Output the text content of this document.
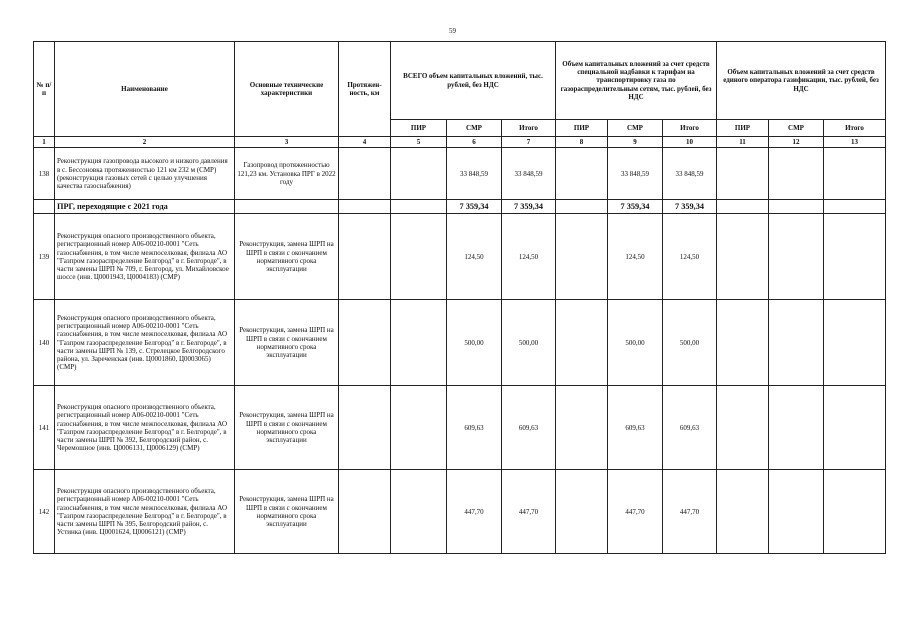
59
№ п/п	Наименование	Основные технические характеристики	Протяжен-ность, км	ВСЕГО объем капитальных вложений, тыс. рублей, без НДС			Объем капитальных вложений за счет средств специальной надбавки к тарифам на транспортировку газа по газораспределительным сетям, тыс. рублей, без НДС			Объем капитальных вложений за счет средств единого оператора газификации, тыс. рублей, без НДС		
				ПИР	СМР	Итого	ПИР	СМР	Итого	ПИР	СМР	Итого
1	2	3	4	5	6	7	8	9	10	11	12	13
138	Реконструкция газопровода высокого и низкого давления в с. Бессоновка протяженностью 121 км 232 м (СМР) (реконструкция газовых сетей с целью улучшения качества газоснабжения)	Газопровод протяженностью 121,23 км. Установка ПРГ в 2022 году			33 848,59	33 848,59		33 848,59	33 848,59			
	ПРГ, переходящие с 2021 года				7 359,34	7 359,34		7 359,34	7 359,34			
139	Реконструкция опасного производственного объекта, регистрационный номер А06-00210-0001 "Сеть газоснабжения, в том числе межпоселковая, филиала АО "Газпром газораспределение Белгород" в г. Белгороде", в части замены ШРП № 709, г. Белгород, ул. Михайловское шоссе (инв. Ц0001943, Ц0004183) (СМР)	Реконструкция, замена ШРП на ШРП в связи с окончанием нормативного срока эксплуатации			124,50	124,50		124,50	124,50			
140	Реконструкция опасного производственного объекта, регистрационный номер А06-00210-0001 "Сеть газоснабжения, в том числе межпоселковая, филиала АО "Газпром газораспределение Белгород" в г. Белгороде", в части замены ШРП № 139, с. Стрелецкое Белгородского района, ул. Зареченская (инв. Ц0001860, Ц0003065) (СМР)	Реконструкция, замена ШРП на ШРП в связи с окончанием нормативного срока эксплуатации			500,00	500,00		500,00	500,00			
141	Реконструкция опасного производственного объекта, регистрационный номер А06-00210-0001 "Сеть газоснабжения, в том числе межпоселковая, филиала АО "Газпром газораспределение Белгород" в г. Белгороде", в части замены ШРП № 392, Белгородский район, с. Черемошное (инв. Ц0006131, Ц0006129) (СМР)	Реконструкция, замена ШРП на ШРП в связи с окончанием нормативного срока эксплуатации			609,63	609,63		609,63	609,63			
142	Реконструкция опасного производственного объекта, регистрационный номер А06-00210-0001 "Сеть газоснабжения, в том числе межпоселковая, филиала АО "Газпром газораспределение Белгород" в г. Белгороде", в части замены ШРП № 395, Белгородский район, с. Устинка (инв. Ц0001624, Ц0006121) (СМР)	Реконструкция, замена ШРП на ШРП в связи с окончанием нормативного срока эксплуатации			447,70	447,70		447,70	447,70			
